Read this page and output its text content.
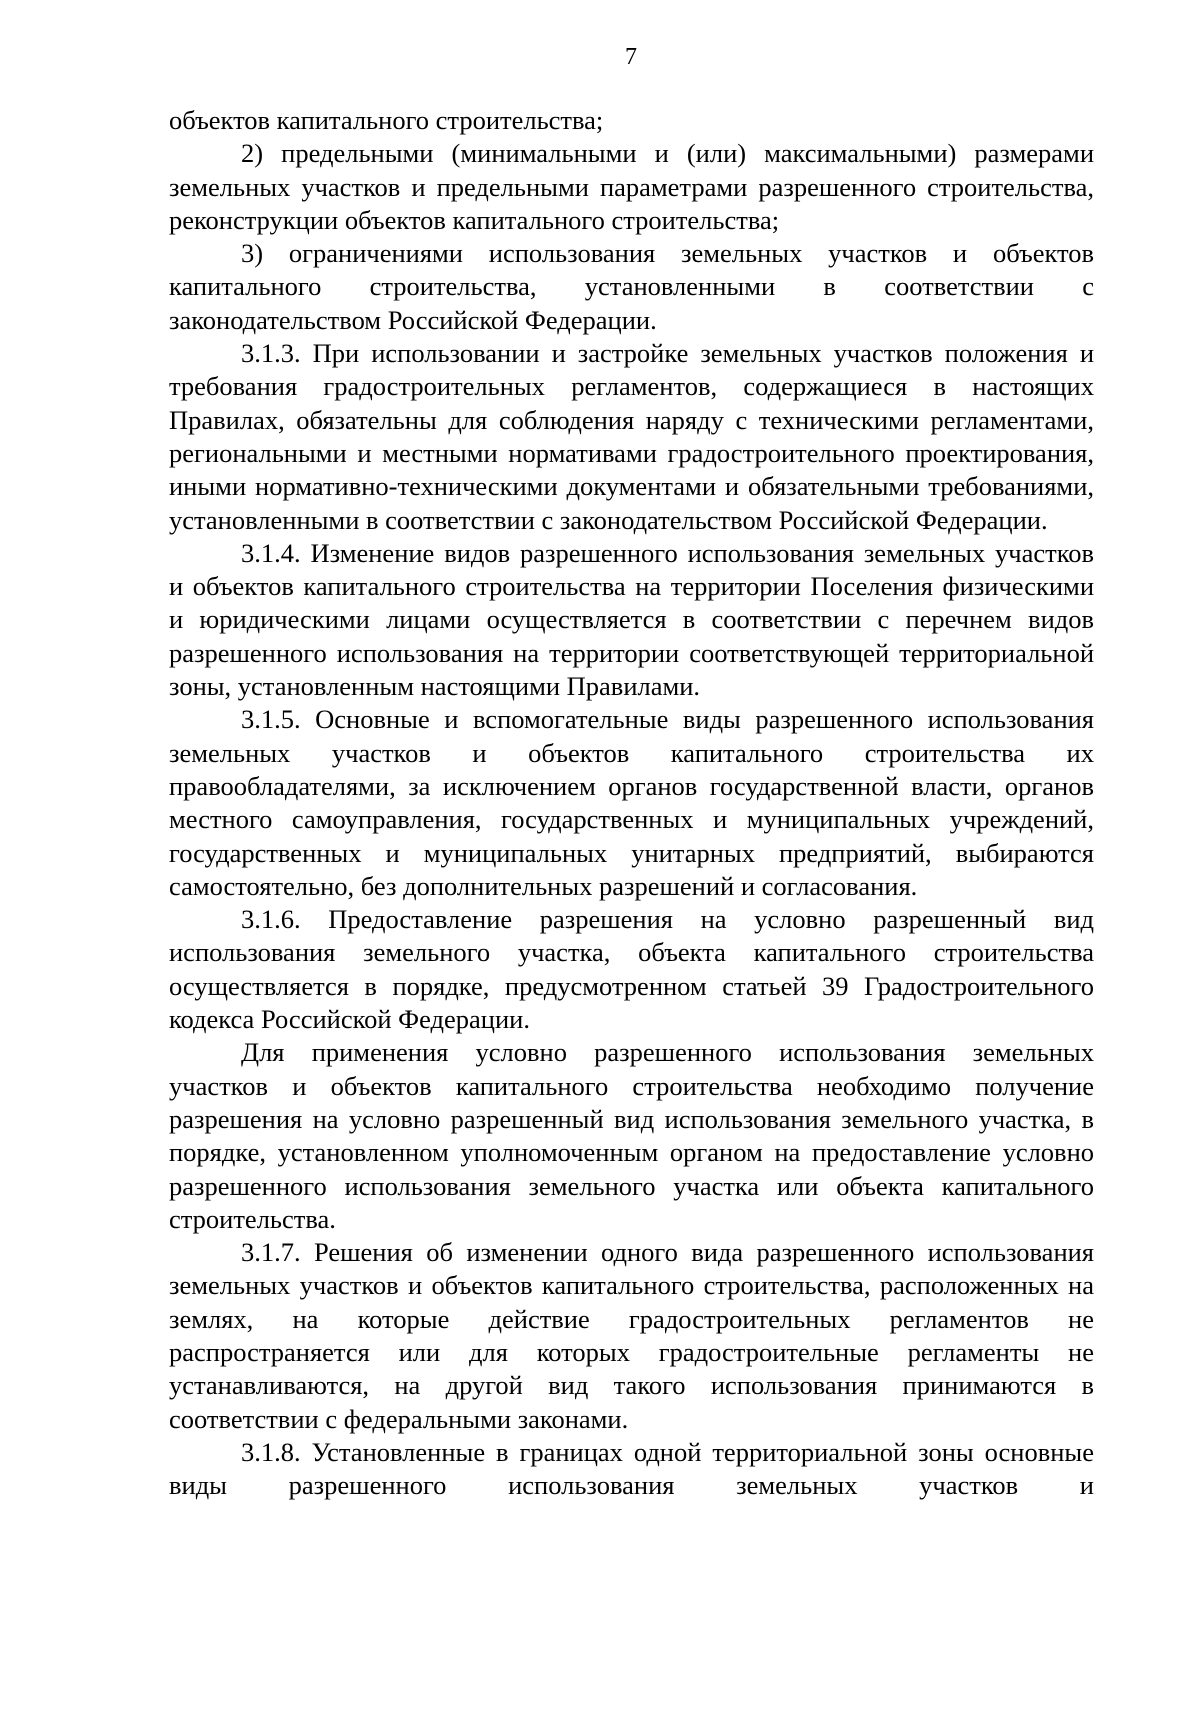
7

объектов капитального строительства;

2) предельными (минимальными и (или) максимальными) размерами земельных участков и предельными параметрами разрешенного строительства, реконструкции объектов капитального строительства;

3) ограничениями использования земельных участков и объектов капитального строительства, установленными в соответствии с законодательством Российской Федерации.

3.1.3. При использовании и застройке земельных участков положения и требования градостроительных регламентов, содержащиеся в настоящих Правилах, обязательны для соблюдения наряду с техническими регламентами, региональными и местными нормативами градостроительного проектирования, иными нормативно-техническими документами и обязательными требованиями, установленными в соответствии с законодательством Российской Федерации.

3.1.4. Изменение видов разрешенного использования земельных участков и объектов капитального строительства на территории Поселения физическими и юридическими лицами осуществляется в соответствии с перечнем видов разрешенного использования на территории соответствующей территориальной зоны, установленным настоящими Правилами.

3.1.5. Основные и вспомогательные виды разрешенного использования земельных участков и объектов капитального строительства их правообладателями, за исключением органов государственной власти, органов местного самоуправления, государственных и муниципальных учреждений, государственных и муниципальных унитарных предприятий, выбираются самостоятельно, без дополнительных разрешений и согласования.

3.1.6. Предоставление разрешения на условно разрешенный вид использования земельного участка, объекта капитального строительства осуществляется в порядке, предусмотренном статьей 39 Градостроительного кодекса Российской Федерации.

Для применения условно разрешенного использования земельных участков и объектов капитального строительства необходимо получение разрешения на условно разрешенный вид использования земельного участка, в порядке, установленном уполномоченным органом на предоставление условно разрешенного использования земельного участка или объекта капитального строительства.

3.1.7. Решения об изменении одного вида разрешенного использования земельных участков и объектов капитального строительства, расположенных на землях, на которые действие градостроительных регламентов не распространяется или для которых градостроительные регламенты не устанавливаются, на другой вид такого использования принимаются в соответствии с федеральными законами.

3.1.8. Установленные в границах одной территориальной зоны основные виды разрешенного использования земельных участков и
